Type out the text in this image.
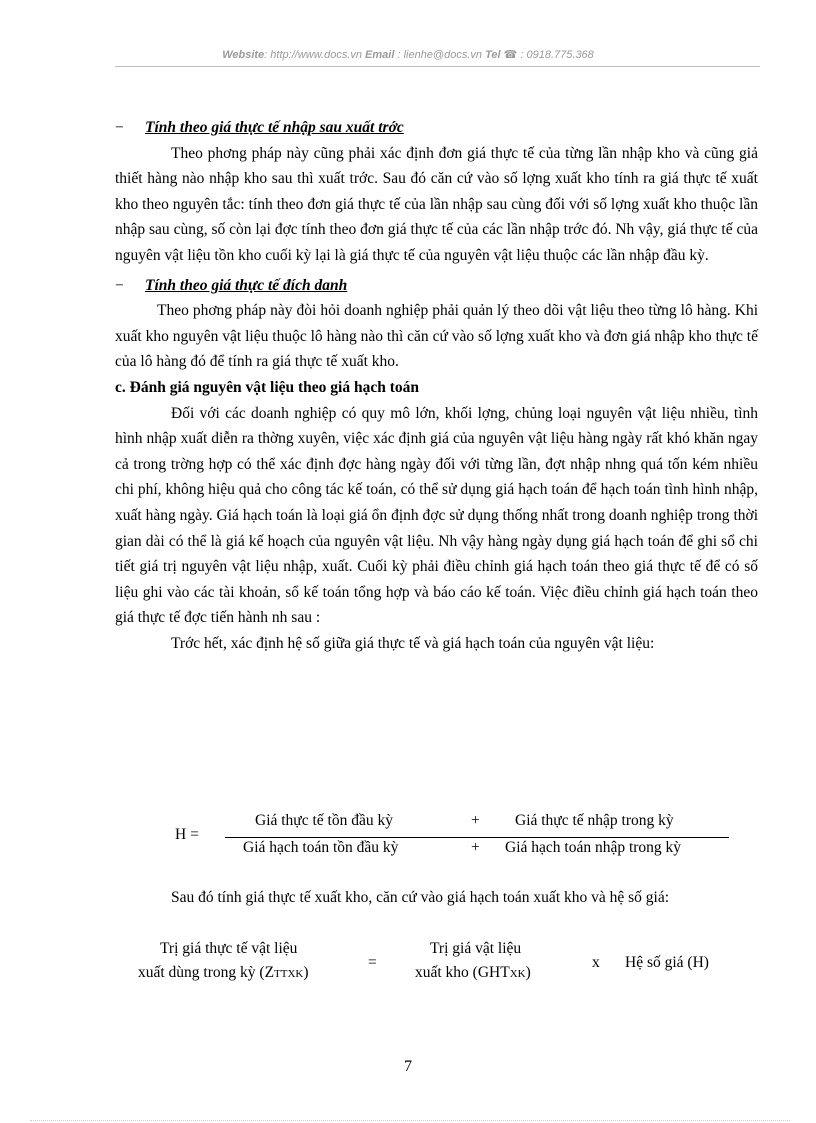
Website: http://www.docs.vn Email : lienhe@docs.vn Tel ☎ : 0918.775.368
−	Tính theo giá thực tế nhập sau xuất trớc

Theo phơng pháp này cũng phải xác định đơn giá thực tế của từng lần nhập kho và cũng giả thiết hàng nào nhập kho sau thì xuất trớc. Sau đó căn cứ vào số lợng xuất kho tính ra giá thực tế xuất kho theo nguyên tắc: tính theo đơn giá thực tế của lần nhập sau cùng đối với số lợng xuất kho thuộc lần nhập sau cùng, số còn lại đợc tính theo đơn giá thực tế của các lần nhập trớc đó. Nh vậy, giá thực tế của nguyên vật liệu tồn kho cuối kỳ lại là giá thực tế của nguyên vật liệu thuộc các lần nhập đầu kỳ.

−	Tính theo giá thực tế đích danh

Theo phơng pháp này đòi hỏi doanh nghiệp phải quản lý theo dõi vật liệu theo từng lô hàng. Khi xuất kho nguyên vật liệu thuộc lô hàng nào thì căn cứ vào số lợng xuất kho và đơn giá nhập kho thực tế của lô hàng đó để tính ra giá thực tế xuất kho.

c. Đánh giá nguyên vật liệu theo giá hạch toán

Đối với các doanh nghiệp có quy mô lớn, khối lợng, chủng loại nguyên vật liệu nhiều, tình hình nhập xuất diễn ra thờng xuyên, việc xác định giá của nguyên vật liệu hàng ngày rất khó khăn ngay cả trong trờng hợp có thể xác định đợc hàng ngày đối với từng lần, đợt nhập nhng quá tốn kém nhiều chi phí, không hiệu quả cho công tác kế toán, có thể sử dụng giá hạch toán để hạch toán tình hình nhập, xuất hàng ngày. Giá hạch toán là loại giá ổn định đợc sử dụng thống nhất trong doanh nghiệp trong thời gian dài có thể là giá kế hoạch của nguyên vật liệu. Nh vậy hàng ngày dụng giá hạch toán để ghi sổ chi tiết giá trị nguyên vật liệu nhập, xuất. Cuối kỳ phải điều chỉnh giá hạch toán theo giá thực tế để có số liệu ghi vào các tài khoản, sổ kế toán tổng hợp và báo cáo kế toán. Việc điều chỉnh giá hạch toán theo giá thực tế đợc tiến hành nh sau :

Trớc hết, xác định hệ số giữa giá thực tế và giá hạch toán của nguyên vật liệu:

H =
Giá thực tế tồn đầu kỳ	+ Giá thực tế nhập trong kỳ
Giá hạch toán tồn đầu kỳ	+ Giá hạch toán nhập trong kỳ

Sau đó tính giá thực tế xuất kho, căn cứ vào giá hạch toán xuất kho và hệ số giá:

Trị giá thực tế vật liệu
xuất dùng trong kỳ (ZTTXK)
=
Trị giá vật liệu
xuất kho (GHTXK)
x Hệ số giá (H)
7
